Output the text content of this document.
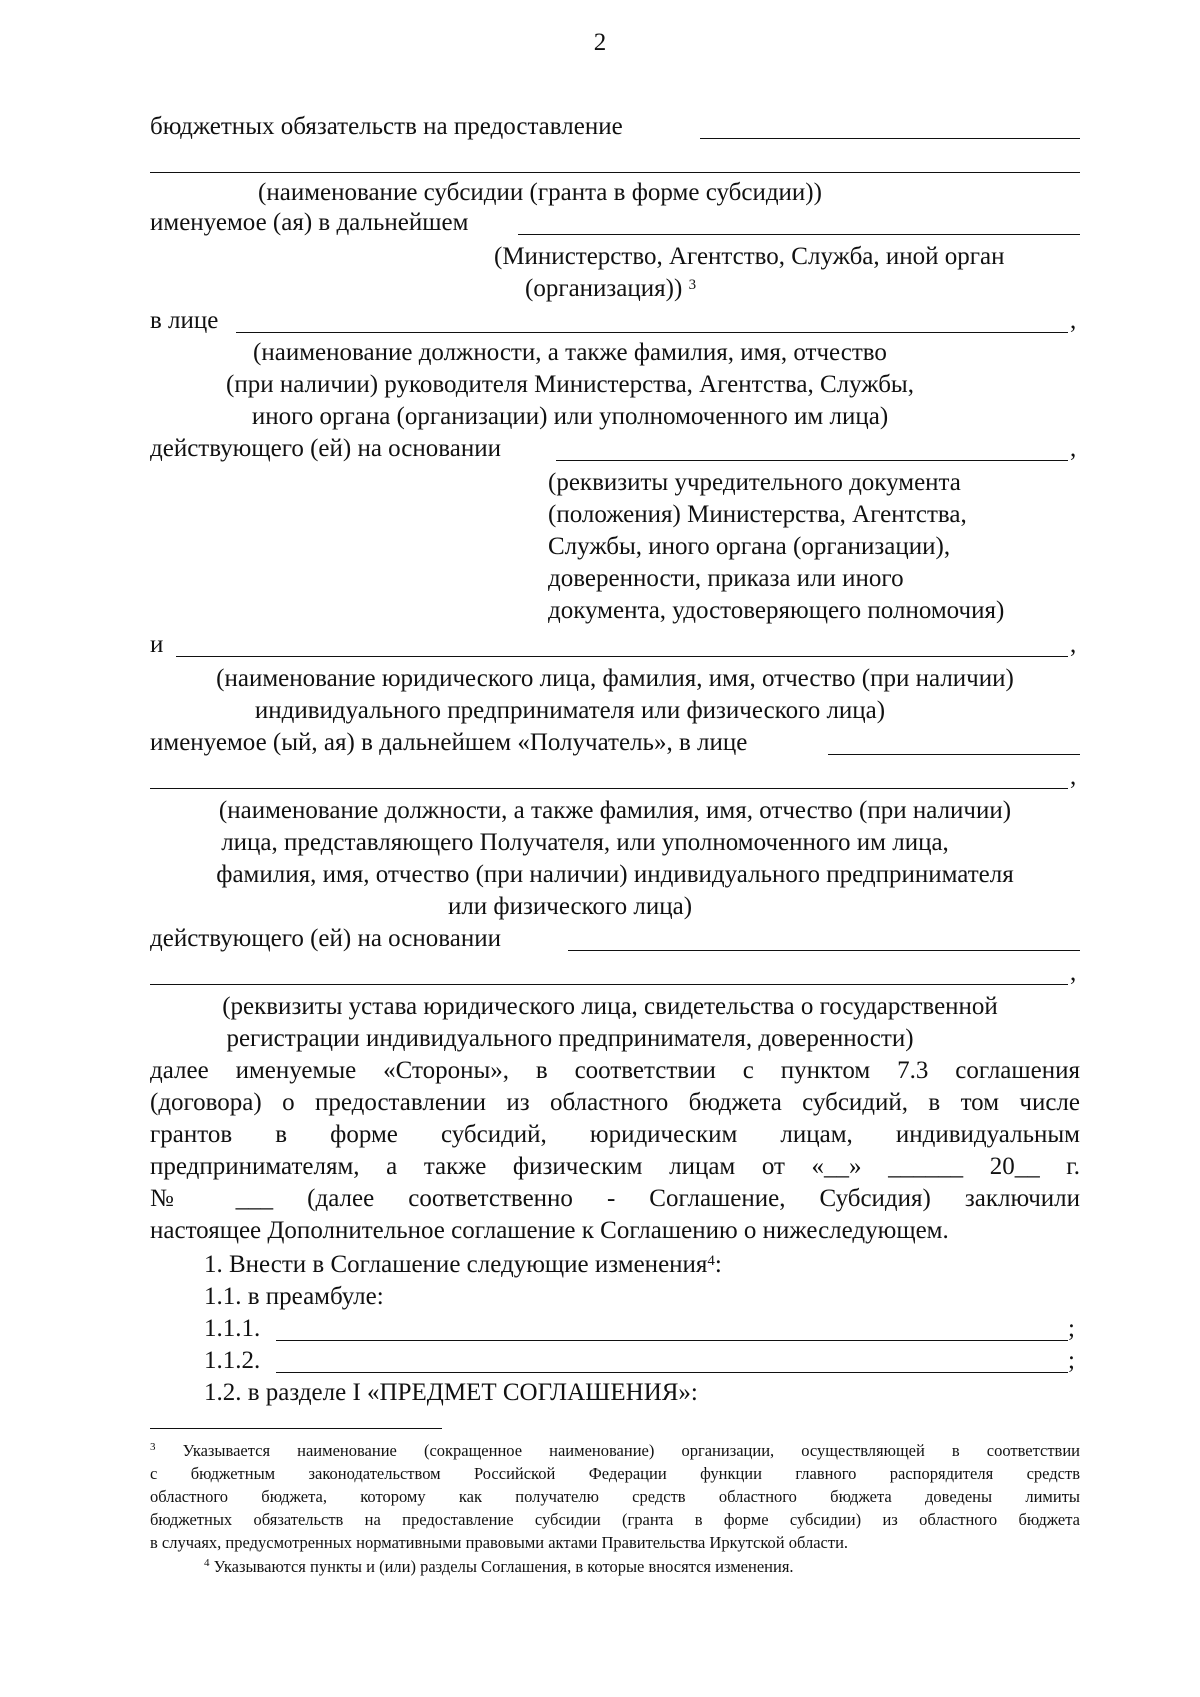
2
бюджетных обязательств на предоставление
(наименование субсидии (гранта в форме субсидии))
именуемое (ая) в дальнейшем
(Министерство, Агентство, Служба, иной орган
(организация)) $^3$
в лице	,
(наименование должности, а также фамилия, имя, отчество
(при наличии) руководителя Министерства, Агентства, Службы,
иного органа (организации) или уполномоченного им лица)
действующего (ей) на основании	,
(реквизиты учредительного документа
(положения) Министерства, Агентства,
Службы, иного органа (организации),
доверенности, приказа или иного
документа, удостоверяющего полномочия)
и	,
(наименование юридического лица, фамилия, имя, отчество (при наличии)
индивидуального предпринимателя или физического лица)
именуемое (ый, ая) в дальнейшем «Получатель», в лице
,
(наименование должности, а также фамилия, имя, отчество (при наличии)
лица, представляющего Получателя, или уполномоченного им лица,
фамилия, имя, отчество (при наличии) индивидуального предпринимателя
или физического лица)
действующего (ей) на основании
,
(реквизиты устава юридического лица, свидетельства о государственной
регистрации индивидуального предпринимателя, доверенности)
далее именуемые «Стороны», в соответствии с пунктом 7.3 соглашения
(договора) о предоставлении из областного бюджета субсидий, в том числе
грантов в форме субсидий, юридическим лицам, индивидуальным
предпринимателям, а также физическим лицам от «__» ______ 20__ г.
№ ___ (далее соответственно - Соглашение, Субсидия) заключили
настоящее Дополнительное соглашение к Соглашению о нижеследующем.
1. Внести в Соглашение следующие изменения$^4$:
1.1. в преамбуле:
1.1.1.	;
1.1.2.	;
1.2. в разделе I «ПРЕДМЕТ СОГЛАШЕНИЯ»:
$^3$ Указывается наименование (сокращенное наименование) организации, осуществляющей в соответствии
с бюджетным законодательством Российской Федерации функции главного распорядителя средств
областного бюджета, которому как получателю средств областного бюджета доведены лимиты
бюджетных обязательств на предоставление субсидии (гранта в форме субсидии) из областного бюджета
в случаях, предусмотренных нормативными правовыми актами Правительства Иркутской области.
$^4$ Указываются пункты и (или) разделы Соглашения, в которые вносятся изменения.
